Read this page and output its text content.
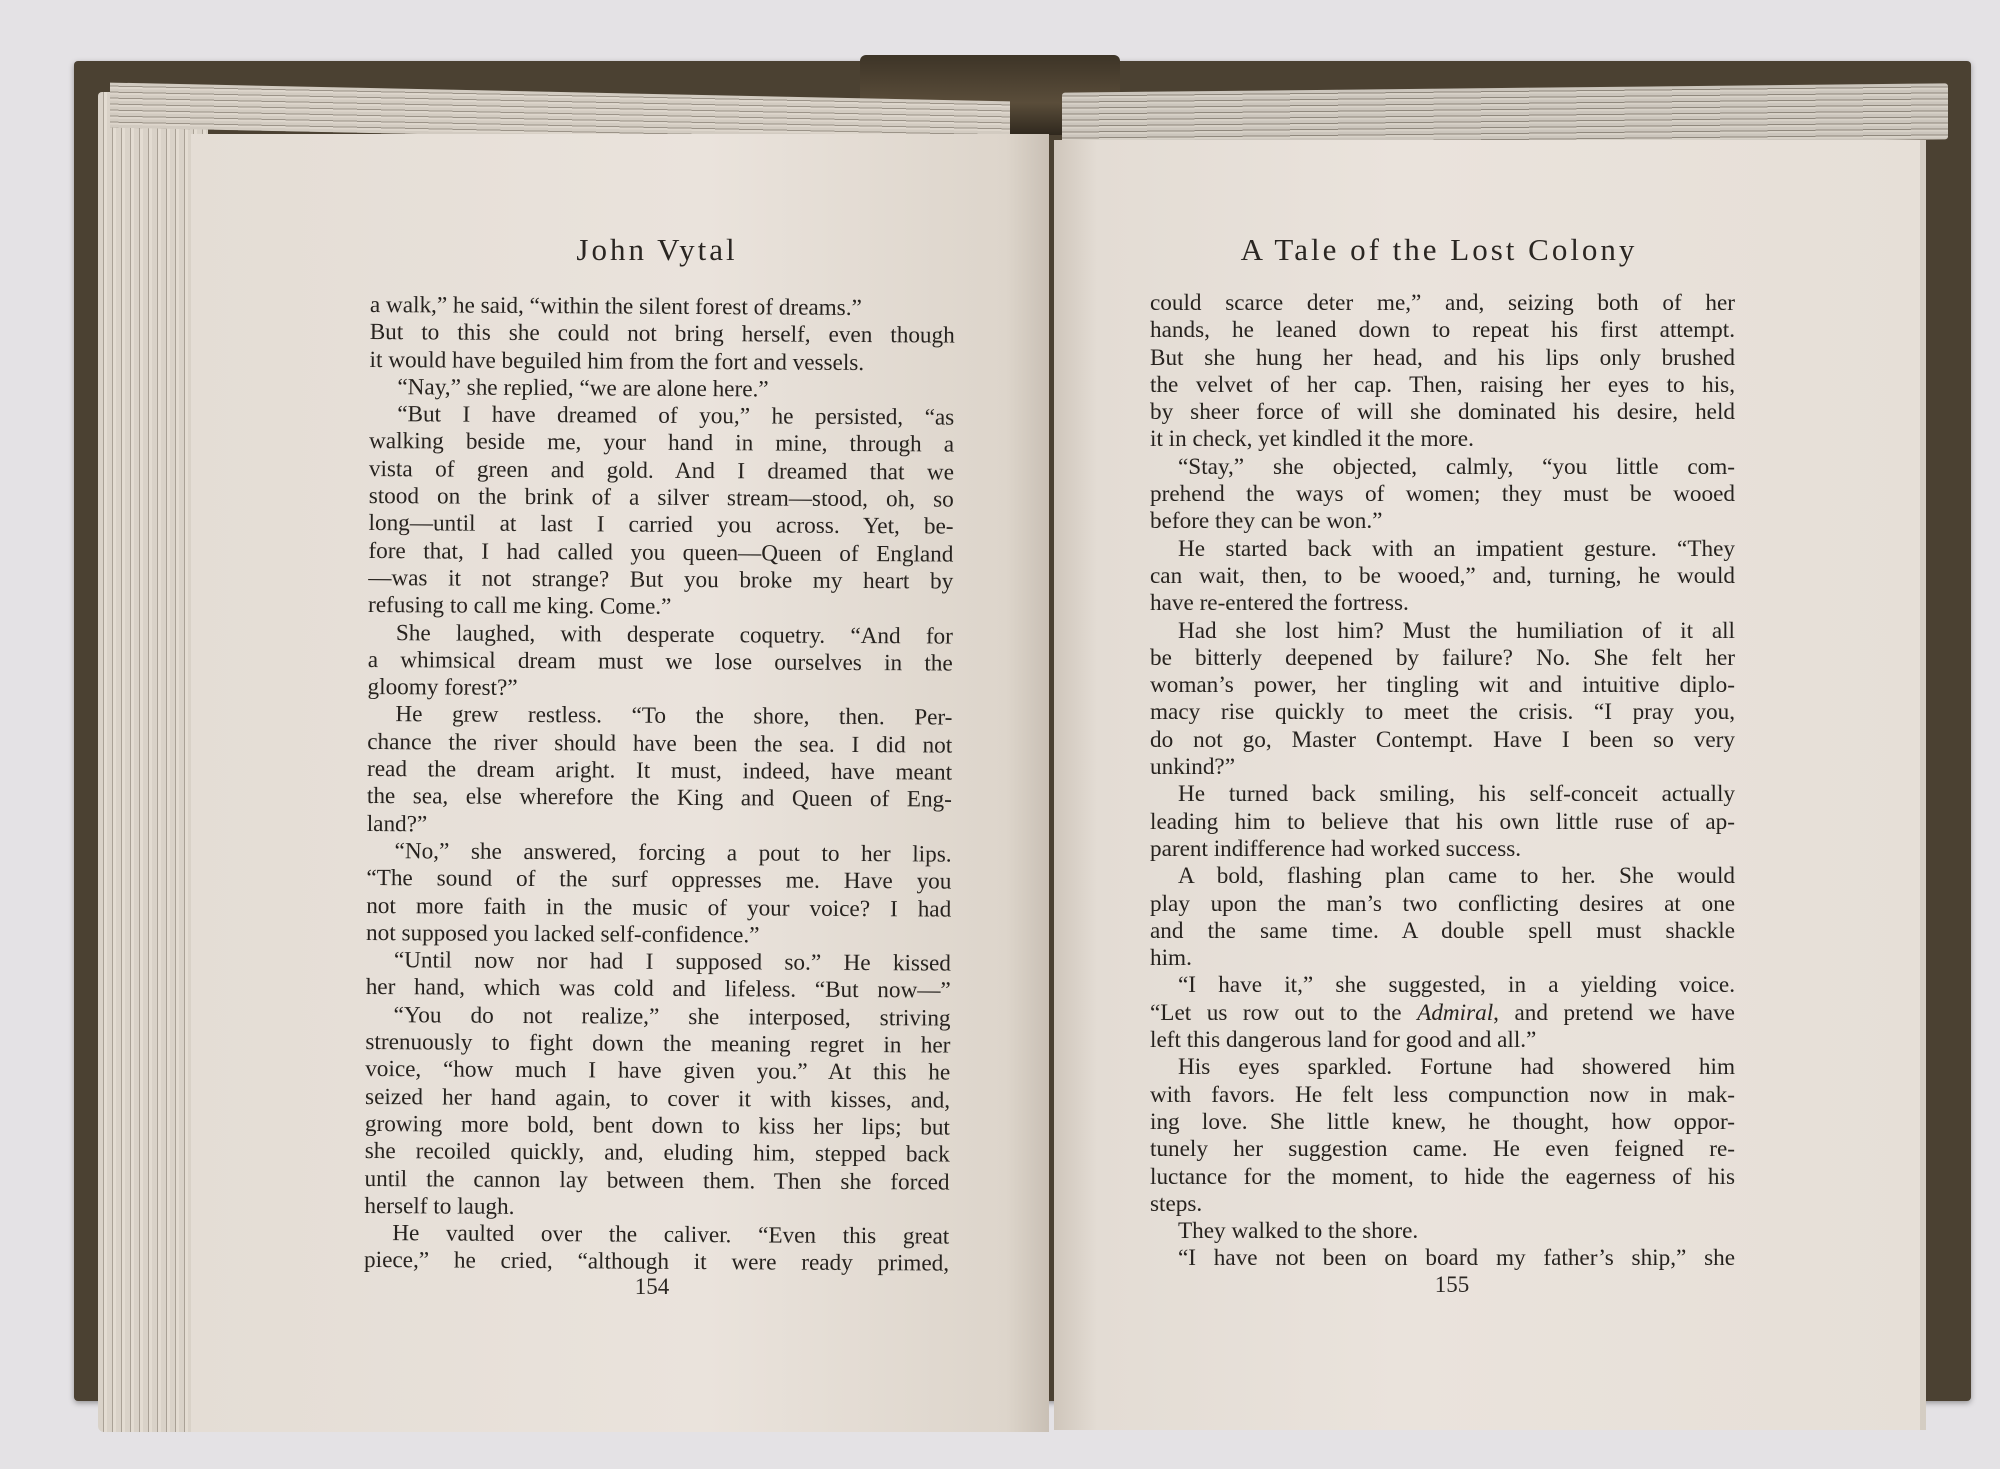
John Vytal	A Tale of the Lost Colony
a walk,” he said, “within the silent forest of dreams.”
But to this she could not bring herself, even though
it would have beguiled him from the fort and vessels.
“Nay,” she replied, “we are alone here.”
“But I have dreamed of you,” he persisted, “as
walking beside me, your hand in mine, through a
vista of green and gold. And I dreamed that we
stood on the brink of a silver stream—stood, oh, so
long—until at last I carried you across. Yet, be-
fore that, I had called you queen—Queen of England
—was it not strange? But you broke my heart by
refusing to call me king. Come.”
She laughed, with desperate coquetry. “And for
a whimsical dream must we lose ourselves in the
gloomy forest?”
He grew restless. “To the shore, then. Per-
chance the river should have been the sea. I did not
read the dream aright. It must, indeed, have meant
the sea, else wherefore the King and Queen of Eng-
land?”
“No,” she answered, forcing a pout to her lips.
“The sound of the surf oppresses me. Have you
not more faith in the music of your voice? I had
not supposed you lacked self-confidence.”
“Until now nor had I supposed so.” He kissed
her hand, which was cold and lifeless. “But now—”
“You do not realize,” she interposed, striving
strenuously to fight down the meaning regret in her
voice, “how much I have given you.” At this he
seized her hand again, to cover it with kisses, and,
growing more bold, bent down to kiss her lips; but
she recoiled quickly, and, eluding him, stepped back
until the cannon lay between them. Then she forced
herself to laugh.
He vaulted over the caliver. “Even this great
piece,” he cried, “although it were ready primed,
could scarce deter me,” and, seizing both of her
hands, he leaned down to repeat his first attempt.
But she hung her head, and his lips only brushed
the velvet of her cap. Then, raising her eyes to his,
by sheer force of will she dominated his desire, held
it in check, yet kindled it the more.
“Stay,” she objected, calmly, “you little com-
prehend the ways of women; they must be wooed
before they can be won.”
He started back with an impatient gesture. “They
can wait, then, to be wooed,” and, turning, he would
have re-entered the fortress.
Had she lost him? Must the humiliation of it all
be bitterly deepened by failure? No. She felt her
woman’s power, her tingling wit and intuitive diplo-
macy rise quickly to meet the crisis. “I pray you,
do not go, Master Contempt. Have I been so very
unkind?”
He turned back smiling, his self-conceit actually
leading him to believe that his own little ruse of ap-
parent indifference had worked success.
A bold, flashing plan came to her. She would
play upon the man’s two conflicting desires at one
and the same time. A double spell must shackle
him.
“I have it,” she suggested, in a yielding voice.
“Let us row out to the Admiral, and pretend we have
left this dangerous land for good and all.”
His eyes sparkled. Fortune had showered him
with favors. He felt less compunction now in mak-
ing love. She little knew, he thought, how oppor-
tunely her suggestion came. He even feigned re-
luctance for the moment, to hide the eagerness of his
steps.
They walked to the shore.
“I have not been on board my father’s ship,” she
154	155
